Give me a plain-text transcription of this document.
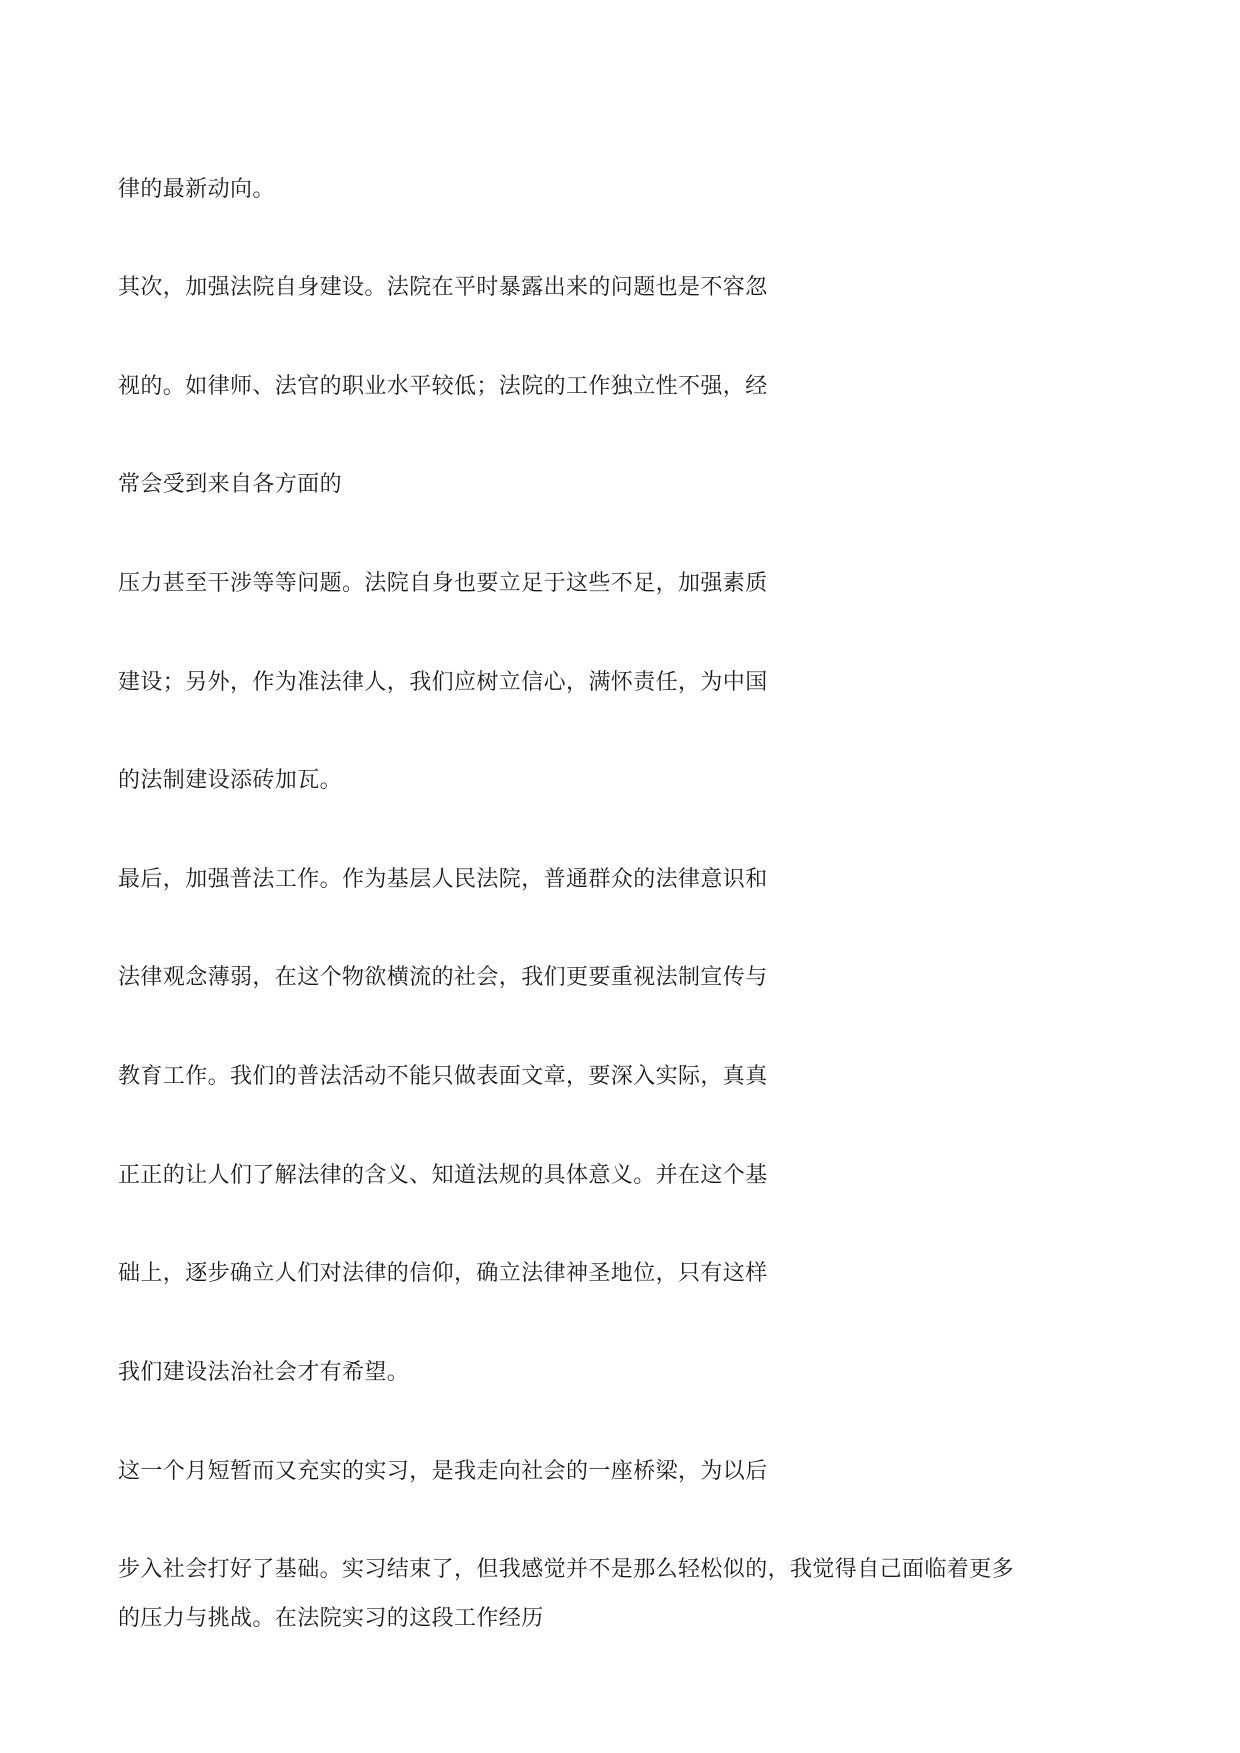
律的最新动向。
其次，加强法院自身建设。法院在平时暴露出来的问题也是不容忽
视的。如律师、法官的职业水平较低；法院的工作独立性不强，经
常会受到来自各方面的
压力甚至干涉等等问题。法院自身也要立足于这些不足，加强素质
建设；另外，作为准法律人，我们应树立信心，满怀责任，为中国
的法制建设添砖加瓦。
最后，加强普法工作。作为基层人民法院，普通群众的法律意识和
法律观念薄弱，在这个物欲横流的社会，我们更要重视法制宣传与
教育工作。我们的普法活动不能只做表面文章，要深入实际，真真
正正的让人们了解法律的含义、知道法规的具体意义。并在这个基
础上，逐步确立人们对法律的信仰，确立法律神圣地位，只有这样
我们建设法治社会才有希望。
这一个月短暂而又充实的实习，是我走向社会的一座桥梁，为以后
步入社会打好了基础。实习结束了，但我感觉并不是那么轻松似的，我觉得自己面临着更多
的压力与挑战。在法院实习的这段工作经历
